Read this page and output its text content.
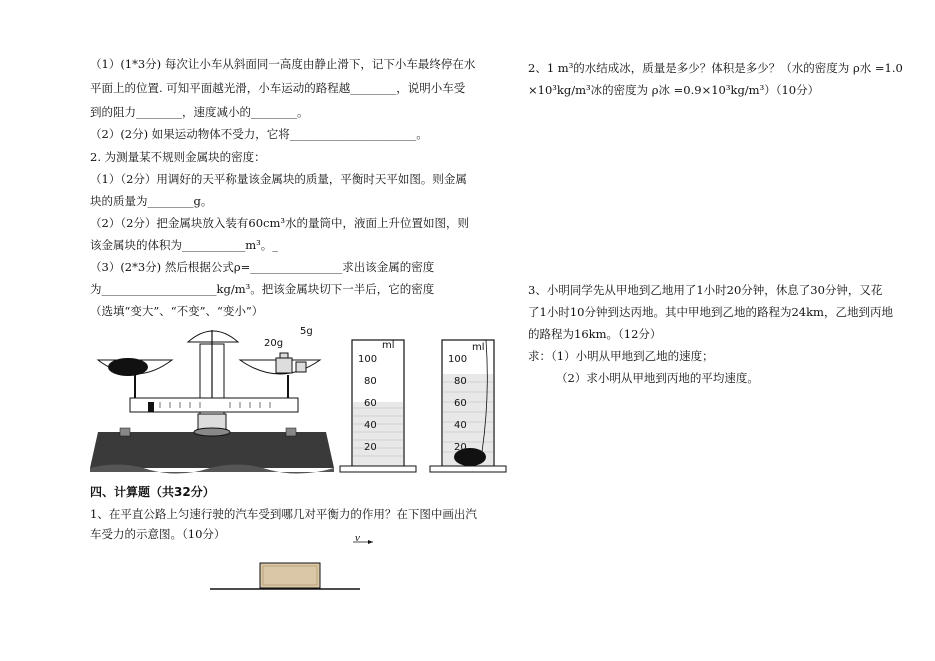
（1）(1*3分) 每次让小车从斜面同一高度由静止滑下，记下小车最终停在水
平面上的位置. 可知平面越光滑，小车运动的路程越________，说明小车受
到的阻力________，速度减小的________。
（2）(2分) 如果运动物体不受力，它将______________________。
2. 为测量某不规则金属块的密度：
（1）（2分）用调好的天平称量该金属块的质量，平衡时天平如图。则金属
块的质量为________g。
（2）（2分）把金属块放入装有60cm³水的量筒中，液面上升位置如图，则
该金属块的体积为___________m³。_
（3）(2*3分) 然后根据公式ρ=________________求出该金属的密度
为____________________kg/m³。把该金属块切下一半后，它的密度
（选填“变大”、“不变”、“变小”）
四、计算题（共32分）
1、在平直公路上匀速行驶的汽车受到哪几对平衡力的作用？在下图中画出汽
车受力的示意图。（10分）
2、1 m³的水结成冰，质量是多少？体积是多少？（水的密度为 ρ水 =1.0
×10³kg/m³冰的密度为 ρ冰 =0.9×10³kg/m³）（10分）
3、小明同学先从甲地到乙地用了1小时20分钟，休息了30分钟，又花
了1小时10分钟到达丙地。其中甲地到乙地的路程为24km，乙地到丙地
的路程为16km。（12分）
求：（1）小明从甲地到乙地的速度；
（2）求小明从甲地到丙地的平均速度。
20g
5g
ml
100
80
60
40
20
ml
100
80
60
40
20
v
